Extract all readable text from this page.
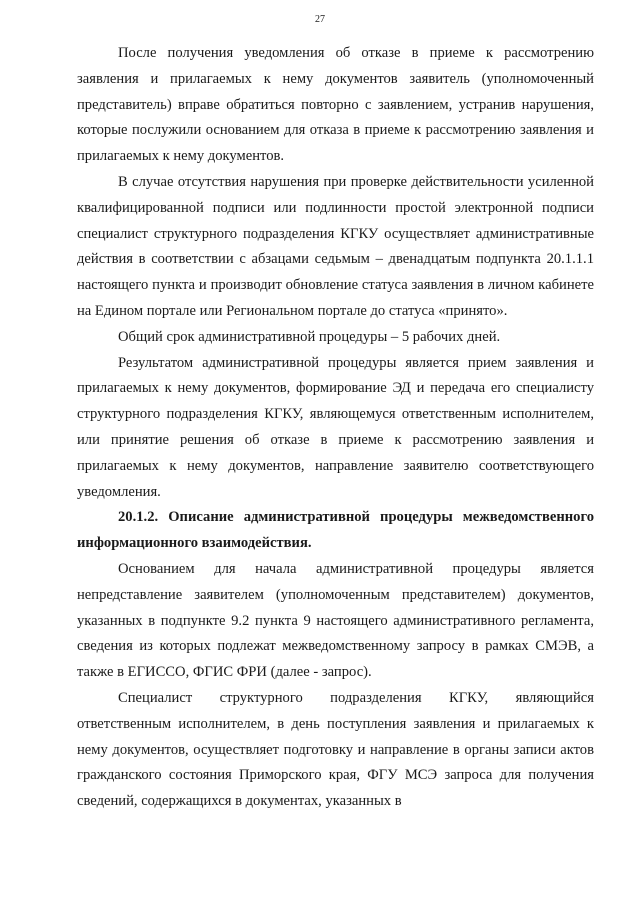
27

После получения уведомления об отказе в приеме к рассмотрению заявления и прилагаемых к нему документов заявитель (уполномоченный представитель) вправе обратиться повторно с заявлением, устранив нарушения, которые послужили основанием для отказа в приеме к рассмотрению заявления и прилагаемых к нему документов.

В случае отсутствия нарушения при проверке действительности усиленной квалифицированной подписи или подлинности простой электронной подписи специалист структурного подразделения КГКУ осуществляет административные действия в соответствии с абзацами седьмым – двенадцатым подпункта 20.1.1.1 настоящего пункта и производит обновление статуса заявления в личном кабинете на Едином портале или Региональном портале до статуса «принято».

Общий срок административной процедуры – 5 рабочих дней.

Результатом административной процедуры является прием заявления и прилагаемых к нему документов, формирование ЭД и передача его специалисту структурного подразделения КГКУ, являющемуся ответственным исполнителем, или принятие решения об отказе в приеме к рассмотрению заявления и прилагаемых к нему документов, направление заявителю соответствующего уведомления.

20.1.2. Описание административной процедуры межведомственного информационного взаимодействия.

Основанием для начала административной процедуры является непредставление заявителем (уполномоченным представителем) документов, указанных в подпункте 9.2 пункта 9 настоящего административного регламента, сведения из которых подлежат межведомственному запросу в рамках СМЭВ, а также в ЕГИССО, ФГИС ФРИ (далее - запрос).

Специалист структурного подразделения КГКУ, являющийся ответственным исполнителем, в день поступления заявления и прилагаемых к нему документов, осуществляет подготовку и направление в органы записи актов гражданского состояния Приморского края, ФГУ МСЭ запроса для получения сведений, содержащихся в документах, указанных в
